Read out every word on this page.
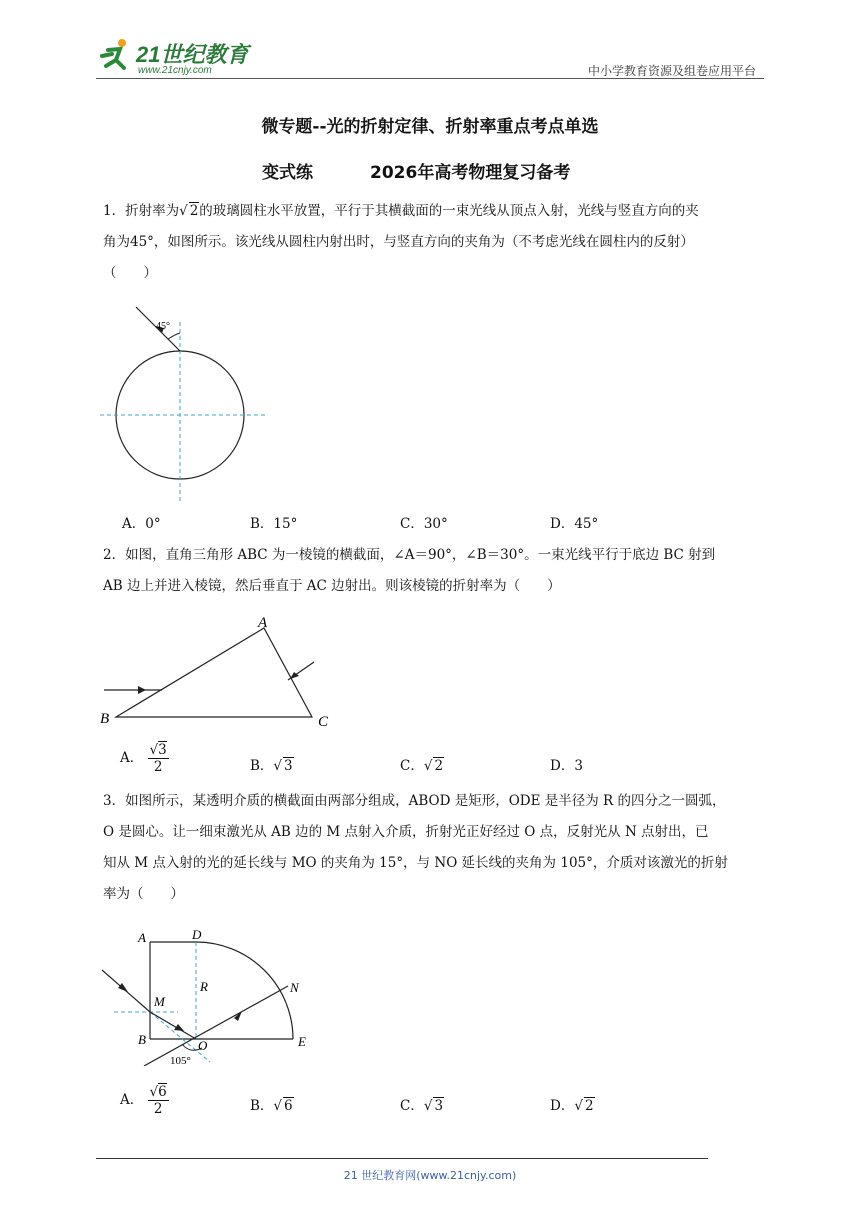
21世纪教育
www.21cnjy.com	中小学教育资源及组卷应用平台
微专题--光的折射定律、折射率重点考点单选
变式练	2026年高考物理复习备考
1．折射率为√ 2的玻璃圆柱水平放置，平行于其横截面的一束光线从顶点入射，光线与竖直方向的夹
角为45°，如图所示。该光线从圆柱内射出时，与竖直方向的夹角为（不考虑光线在圆柱内的反射）
（　　）
45°
A．0°	B．15°	C．30°	D．45°
2．如图，直角三角形 ABC 为一棱镜的横截面，∠A＝90°，∠B＝30°。一束光线平行于底边 BC 射到
AB 边上并进入棱镜，然后垂直于 AC 边射出。则该棱镜的折射率为（　　）
A
B	C
A． $\frac{√3}{2}$	B．√ 3	C．√ 2	D．3
3．如图所示，某透明介质的横截面由两部分组成，ABOD 是矩形，ODE 是半径为 R 的四分之一圆弧，
O 是圆心。让一细束激光从 AB 边的 M 点射入介质，折射光正好经过 O 点，反射光从 N 点射出，已
知从 M 点入射的光的延长线与 MO 的夹角为 15°，与 NO 延长线的夹角为 105°，介质对该激光的折射
率为（　　）
A	D
R	N
M
B	O	E
105°
A． $\frac{√6}{2}$	B．√ 6	C．√ 3	D．√ 2
21 世纪教育网(www.21cnjy.com)
